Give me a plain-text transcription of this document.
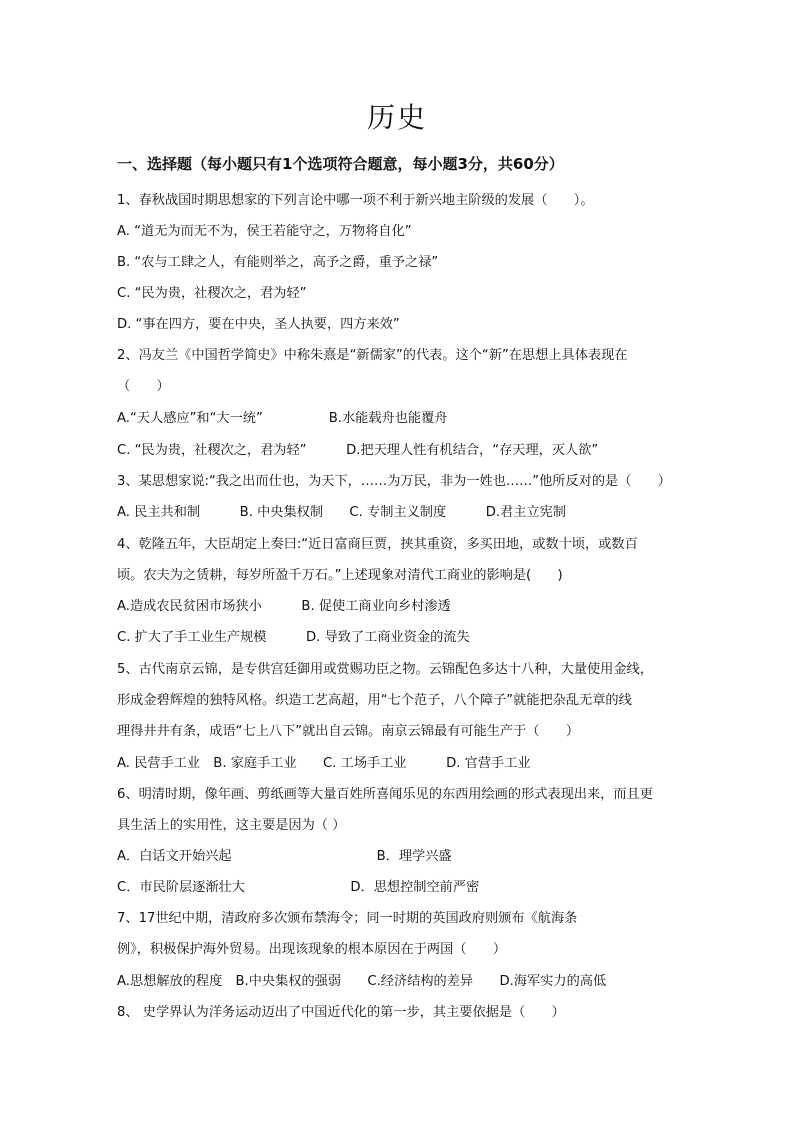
历史
一、选择题（每小题只有1个选项符合题意，每小题3分，共60分）
1、春秋战国时期思想家的下列言论中哪一项不利于新兴地主阶级的发展（　　）。
A. “道无为而无不为，侯王若能守之，万物将自化”
B. “农与工肆之人，有能则举之，高予之爵，重予之禄”
C. “民为贵，社稷次之，君为轻”
D. “事在四方，要在中央，圣人执要，四方来效”
2、冯友兰《中国哲学简史》中称朱熹是“新儒家”的代表。这个“新”在思想上具体表现在
（　　）
A.“天人感应”和“大一统”　　　　　B.水能载舟也能覆舟
C. “民为贵，社稷次之，君为轻”　　　D.把天理人性有机结合，“存天理，灭人欲”
3、某思想家说:“我之出而仕也，为天下，……为万民，非为一姓也……”他所反对的是（　　）
A. 民主共和制　　　B. 中央集权制　　C. 专制主义制度　　　D.君主立宪制
4、乾隆五年，大臣胡定上奏曰:“近日富商巨贾，挟其重资，多买田地，或数十顷，或数百
顷。农夫为之赁耕，每岁所盈千万石。”上述现象对清代工商业的影响是(　　)
A.造成农民贫困市场狭小　　　B. 促使工商业向乡村渗透
C. 扩大了手工业生产规模　　　D. 导致了工商业资金的流失
5、古代南京云锦，是专供宫廷御用或赏赐功臣之物。云锦配色多达十八种，大量使用金线，
形成金碧辉煌的独特风格。织造工艺高超，用“七个范子，八个障子”就能把杂乱无章的线
理得井井有条，成语“七上八下”就出自云锦。南京云锦最有可能生产于（　　）
A. 民营手工业　B. 家庭手工业　　C. 工场手工业　　　D. 官营手工业
6、明清时期，像年画、剪纸画等大量百姓所喜闻乐见的东西用绘画的形式表现出来，而且更
具生活上的实用性，这主要是因为（ ）
A．白话文开始兴起　　　　　　　　　　　B．理学兴盛
C．市民阶层逐渐壮大　　　　　　　　D．思想控制空前严密
7、17世纪中期，清政府多次颁布禁海令；同一时期的英国政府则颁布《航海条
例》，积极保护海外贸易。出现该现象的根本原因在于两国（　　）
A.思想解放的程度　B.中央集权的强弱　　C.经济结构的差异　　D.海军实力的高低
8、 史学界认为洋务运动迈出了中国近代化的第一步，其主要依据是（　　）
